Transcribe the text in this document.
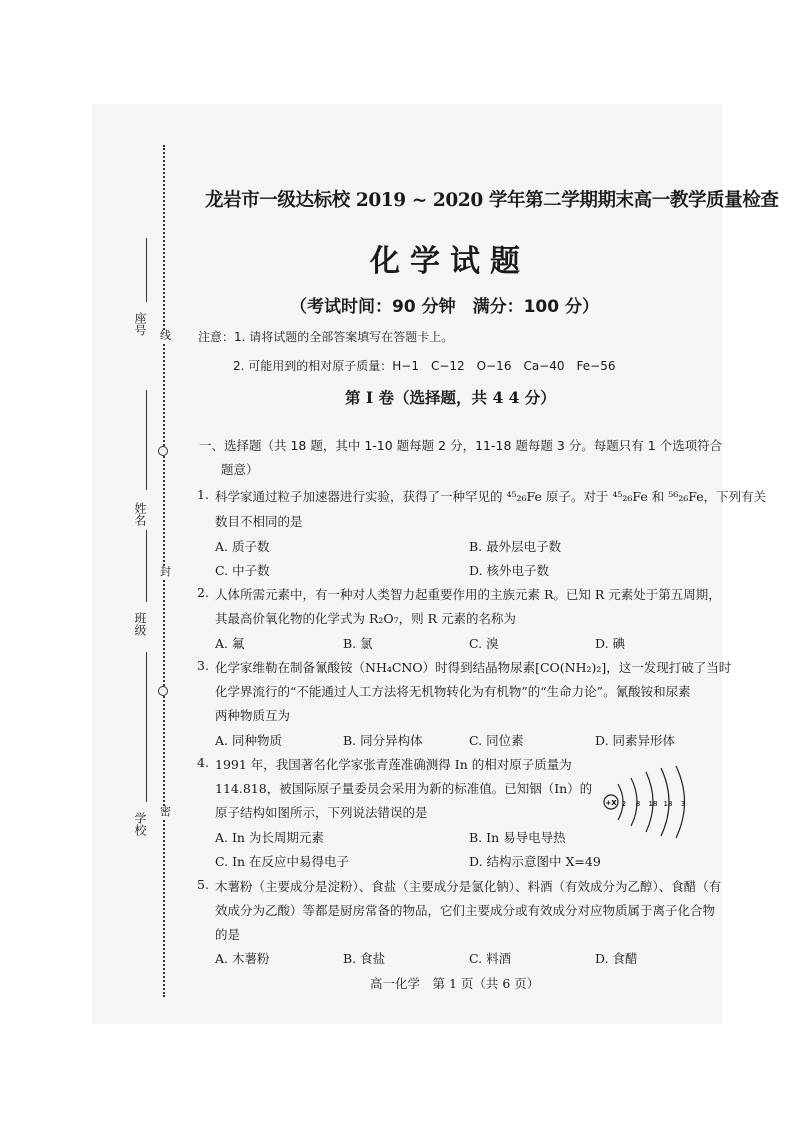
线
封
密
座号
姓名
班级
学校
龙岩市一级达标校 2019 ~ 2020 学年第二学期期末高一教学质量检查
化学试题
（考试时间：90 分钟　满分：100 分）
注意：1. 请将试题的全部答案填写在答题卡上。
2. 可能用到的相对原子质量：H−1　C−12　O−16　Ca−40　Fe−56
第 I 卷（选择题，共 4 4 分）
一、选择题（共 18 题，其中 1-10 题每题 2 分，11-18 题每题 3 分。每题只有 1 个选项符合
题意）
1. 科学家通过粒子加速器进行实验，获得了一种罕见的 ⁴⁵₂₆Fe 原子。对于 ⁴⁵₂₆Fe 和 ⁵⁶₂₆Fe，下列有关
数目不相同的是
A. 质子数	B. 最外层电子数
C. 中子数	D. 核外电子数
2. 人体所需元素中，有一种对人类智力起重要作用的主族元素 R。已知 R 元素处于第五周期，
其最高价氧化物的化学式为 R₂O₇，则 R 元素的名称为
A. 氟	B. 氯	C. 溴	D. 碘
3. 化学家维勒在制备氰酸铵（NH₄CNO）时得到结晶物尿素[CO(NH₂)₂]，这一发现打破了当时
化学界流行的“不能通过人工方法将无机物转化为有机物”的“生命力论”。氰酸铵和尿素
两种物质互为
A. 同种物质	B. 同分异构体	C. 同位素	D. 同素异形体
4. 1991 年，我国著名化学家张青莲准确测得 In 的相对原子质量为
114.818，被国际原子量委员会采用为新的标准值。已知铟（In）的
原子结构如图所示，下列说法错误的是
A. In 为长周期元素	B. In 易导电导热
C. In 在反应中易得电子	D. 结构示意图中 X=49
+X 2 8 18 18 3
5. 木薯粉（主要成分是淀粉）、食盐（主要成分是氯化钠）、料酒（有效成分为乙醇）、食醋（有
效成分为乙酸）等都是厨房常备的物品，它们主要成分或有效成分对应物质属于离子化合物
的是
A. 木薯粉	B. 食盐	C. 料酒	D. 食醋
高一化学　第 1 页（共 6 页）
